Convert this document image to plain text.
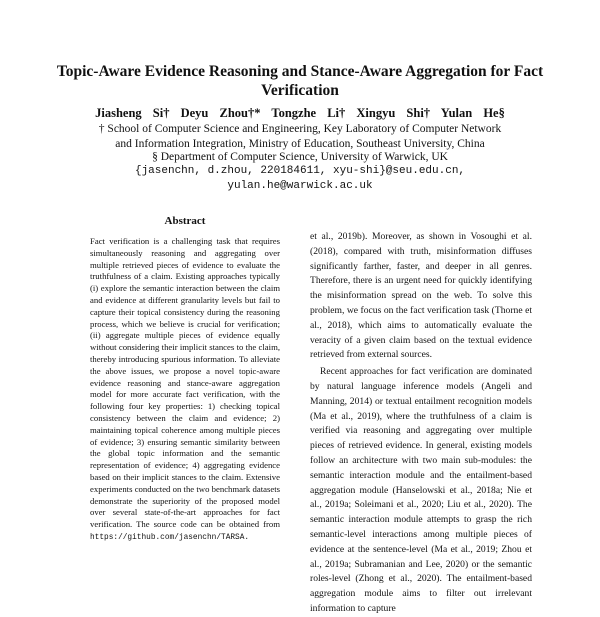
Topic-Aware Evidence Reasoning and Stance-Aware Aggregation for Fact
Verification
Jiasheng Si† Deyu Zhou†* Tongzhe Li† Xingyu Shi† Yulan He§
† School of Computer Science and Engineering, Key Laboratory of Computer Network
and Information Integration, Ministry of Education, Southeast University, China
§ Department of Computer Science, University of Warwick, UK
{jasenchn, d.zhou, 220184611, xyu-shi}@seu.edu.cn,
yulan.he@warwick.ac.uk
Abstract

Fact verification is a challenging task that requires simultaneously reasoning and aggregating over multiple retrieved pieces of evidence to evaluate the truthfulness of a claim. Existing approaches typically (i) explore the semantic interaction between the claim and evidence at different granularity levels but fail to capture their topical consistency during the reasoning process, which we believe is crucial for verification; (ii) aggregate multiple pieces of evidence equally without considering their implicit stances to the claim, thereby introducing spurious information. To alleviate the above issues, we propose a novel topic-aware evidence reasoning and stance-aware aggregation model for more accurate fact verification, with the following four key properties: 1) checking topical consistency between the claim and evidence; 2) maintaining topical coherence among multiple pieces of evidence; 3) ensuring semantic similarity between the global topic information and the semantic representation of evidence; 4) aggregating evidence based on their implicit stances to the claim. Extensive experiments conducted on the two benchmark datasets demonstrate the superiority of the proposed model over several state-of-the-art approaches for fact verification. The source code can be obtained from https://github.com/jasenchn/TARSA.

et al., 2019b). Moreover, as shown in Vosoughi et al. (2018), compared with truth, misinformation diffuses significantly farther, faster, and deeper in all genres. Therefore, there is an urgent need for quickly identifying the misinformation spread on the web. To solve this problem, we focus on the fact verification task (Thorne et al., 2018), which aims to automatically evaluate the veracity of a given claim based on the textual evidence retrieved from external sources.

Recent approaches for fact verification are dominated by natural language inference models (Angeli and Manning, 2014) or textual entailment recognition models (Ma et al., 2019), where the truthfulness of a claim is verified via reasoning and aggregating over multiple pieces of retrieved evidence. In general, existing models follow an architecture with two main sub-modules: the semantic interaction module and the entailment-based aggregation module (Hanselowski et al., 2018a; Nie et al., 2019a; Soleimani et al., 2020; Liu et al., 2020). The semantic interaction module attempts to grasp the rich semantic-level interactions among multiple pieces of evidence at the sentence-level (Ma et al., 2019; Zhou et al., 2019a; Subramanian and Lee, 2020) or the semantic roles-level (Zhong et al., 2020). The entailment-based aggregation module aims to filter out irrelevant information to capture
